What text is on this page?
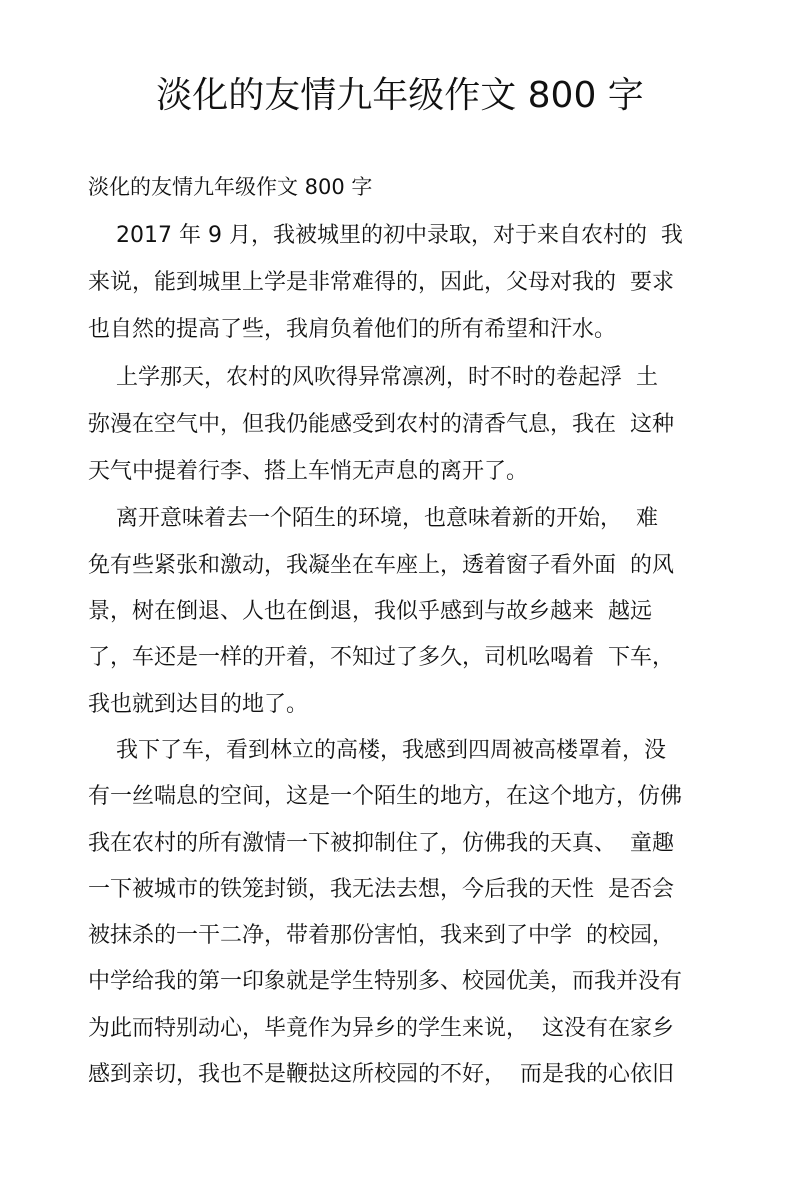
淡化的友情九年级作文 800 字
淡化的友情九年级作文 800 字
2017 年 9 月，我被城里的初中录取，对于来自农村的  我
来说，能到城里上学是非常难得的，因此，父母对我的  要求
也自然的提高了些，我肩负着他们的所有希望和汗水。
上学那天，农村的风吹得异常凛冽，时不时的卷起浮  土
弥漫在空气中，但我仍能感受到农村的清香气息，我在  这种
天气中提着行李、搭上车悄无声息的离开了。
离开意味着去一个陌生的环境，也意味着新的开始，  难
免有些紧张和激动，我凝坐在车座上，透着窗子看外面  的风
景，树在倒退、人也在倒退，我似乎感到与故乡越来  越远
了，车还是一样的开着，不知过了多久，司机吆喝着  下车，
我也就到达目的地了。
我下了车，看到林立的高楼，我感到四周被高楼罩着，没
有一丝喘息的空间，这是一个陌生的地方，在这个地方，仿佛
我在农村的所有激情一下被抑制住了，仿佛我的天真、  童趣
一下被城市的铁笼封锁，我无法去想，今后我的天性  是否会
被抹杀的一干二净，带着那份害怕，我来到了中学  的校园，
中学给我的第一印象就是学生特别多、校园优美，而我并没有
为此而特别动心，毕竟作为异乡的学生来说，  这没有在家乡
感到亲切，我也不是鞭挞这所校园的不好，  而是我的心依旧
